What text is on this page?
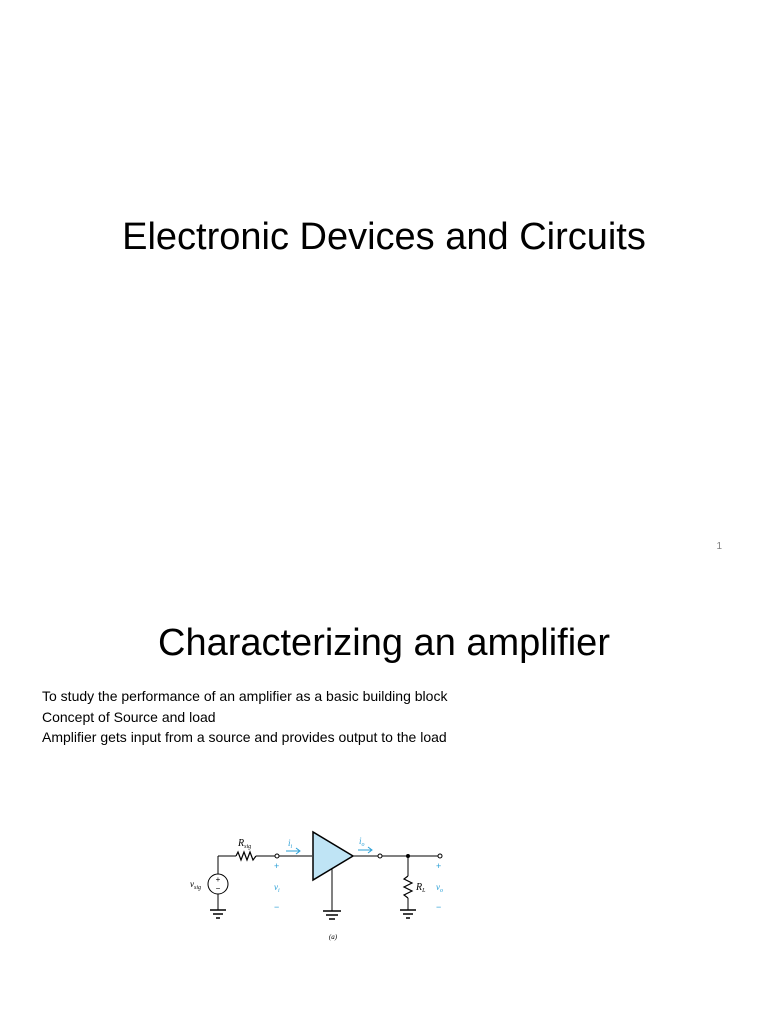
Electronic Devices and Circuits
1
Characterizing an amplifier
To study the performance of an amplifier as a basic building block
Concept of Source and load
Amplifier gets input from a source and provides output to the load
+
−
$v_{sig}$
$R_{sig}$	$i_i$
+
$v_i$
−
$i_o$
$R_L$
+
$v_o$
−
(a)
